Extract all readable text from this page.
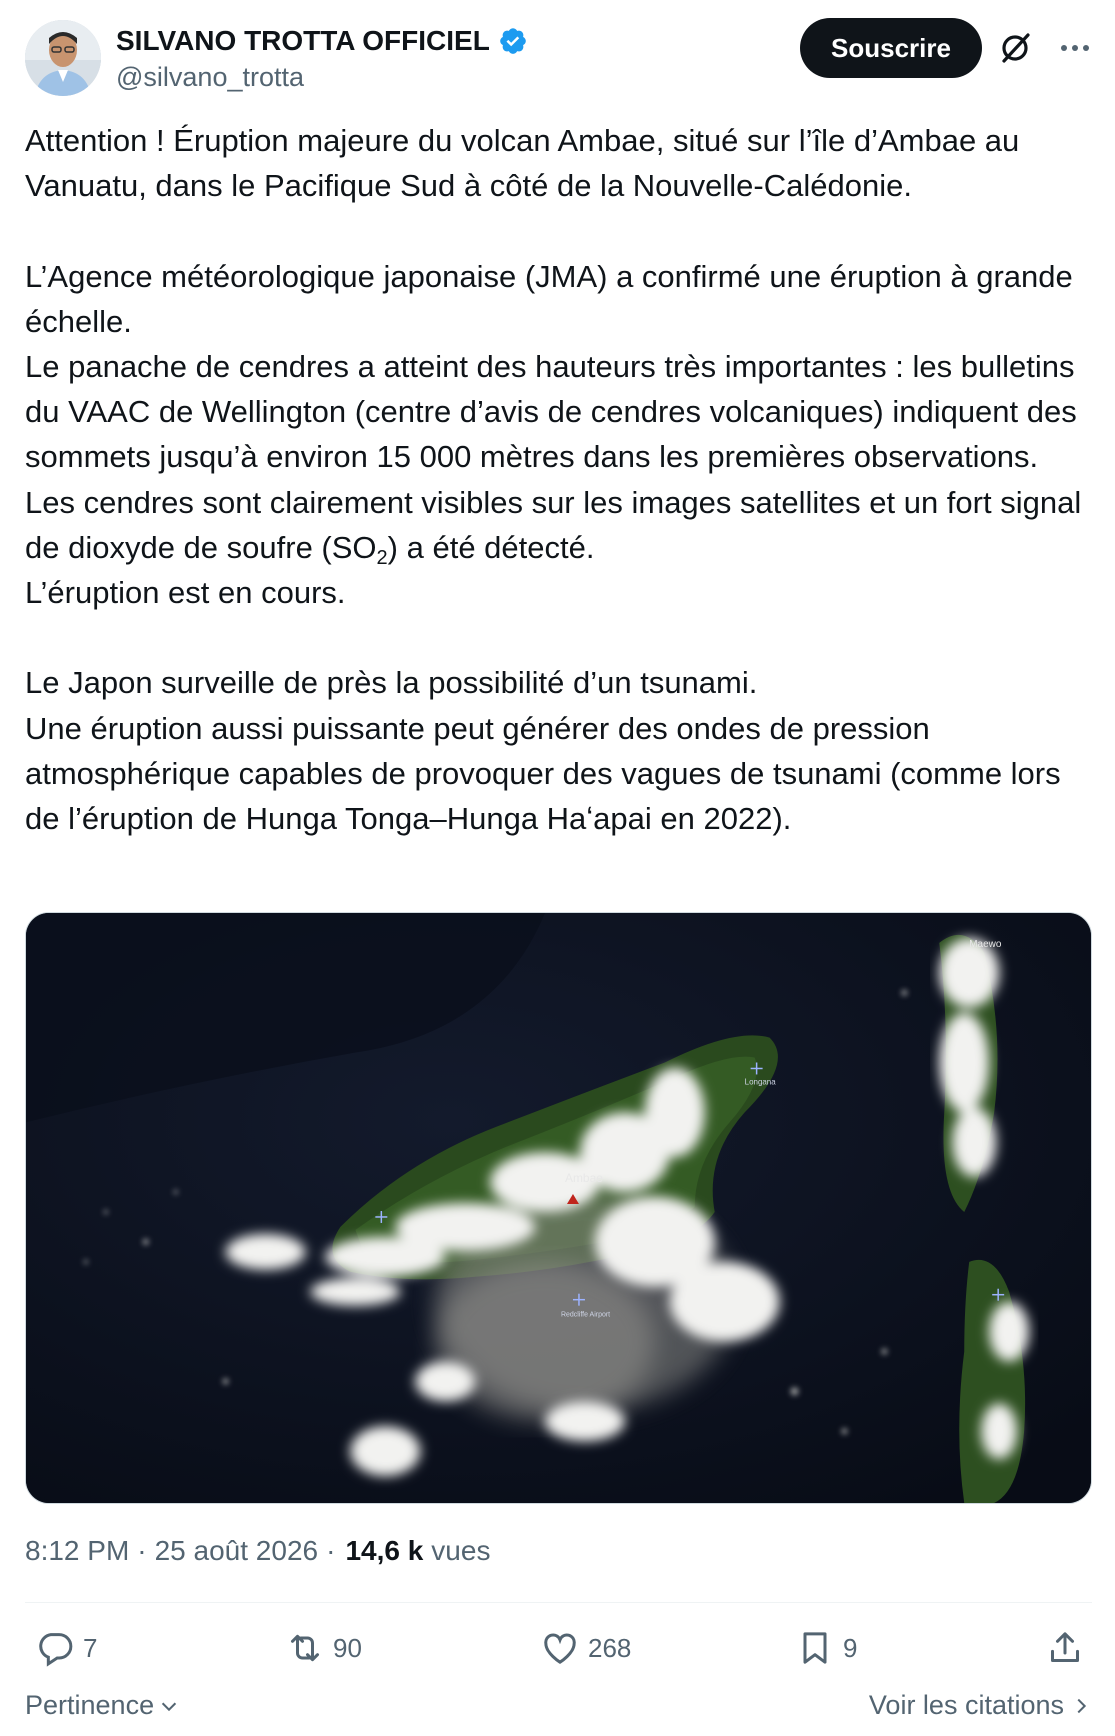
SILVANO TROTTA OFFICIEL
@silvano_trotta
Souscrire
Attention ! Éruption majeure du volcan Ambae, situé sur l’île d’Ambae au Vanuatu, dans le Pacifique Sud à côté de la Nouvelle-Calédonie.

L’Agence météorologique japonaise (JMA) a confirmé une éruption à grande échelle.
Le panache de cendres a atteint des hauteurs très importantes : les bulletins du VAAC de Wellington (centre d’avis de cendres volcaniques) indiquent des sommets jusqu’à environ 15 000 mètres dans les premières observations. Les cendres sont clairement visibles sur les images satellites et un fort signal de dioxyde de soufre $(SO_2)$ a été détecté.
L’éruption est en cours.

Le Japon surveille de près la possibilité d’un tsunami.
Une éruption aussi puissante peut générer des ondes de pression atmosphérique capables de provoquer des vagues de tsunami (comme lors de l’éruption de Hunga Tonga–Hunga Haʻapai en 2022).
Ambae
Maewo
Longana
Redcliffe Airport
8:12 PM · 25 août 2026 · 14,6 k vues
7	90	268	9
Pertinence	Voir les citations
